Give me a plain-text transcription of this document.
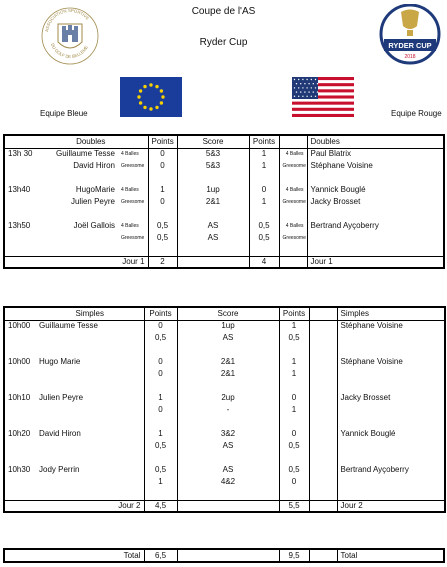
Coupe de l'AS
Ryder Cup
ASSOCIATION SPORTIVE
DU GOLF DE BELLEME	RYDER CUP
2018
Equipe Bleue	Equipe Rouge
	Doubles		Points	Score	Points		Doubles
13h 30	Guillaume Tesse	4 Balles	0	5&3	1	4 Balles	Paul Blatrix
	David Hiron	Greesome	0	5&3	1	Greesome	Stéphane Voisine

13h40	HugoMarie	4 Balles	1	1up	0	4 Balles	Yannick Bouglé
	Julien Peyre	Greesome	0	2&1	1	Greesome	Jacky Brosset

13h50	Joël Gallois	4 Balles	0,5	AS	0,5	4 Balles	Bertrand Ayçoberry
		Greesome	0,5	AS	0,5	Greesome	

	Jour 1		2		4		Jour 1
	Simples	Points	Score	Points		Simples
10h00	Guillaume Tesse	0	1up	1		Stéphane Voisine
		0,5	AS	0,5		

10h00	Hugo Marie	0	2&1	1		Stéphane Voisine
		0	2&1	1		

10h10	Julien Peyre	1	2up	0		Jacky Brosset
		0	-	1		

10h20	David Hiron	1	3&2	0		Yannick Bouglé
		0,5	AS	0,5		

10h30	Jody Perrin	0,5	AS	0,5		Bertrand Ayçoberry
		1	4&2	0		

	Jour 2	4,5		5,5		Jour 2
Total	6,5		9,5		Total
